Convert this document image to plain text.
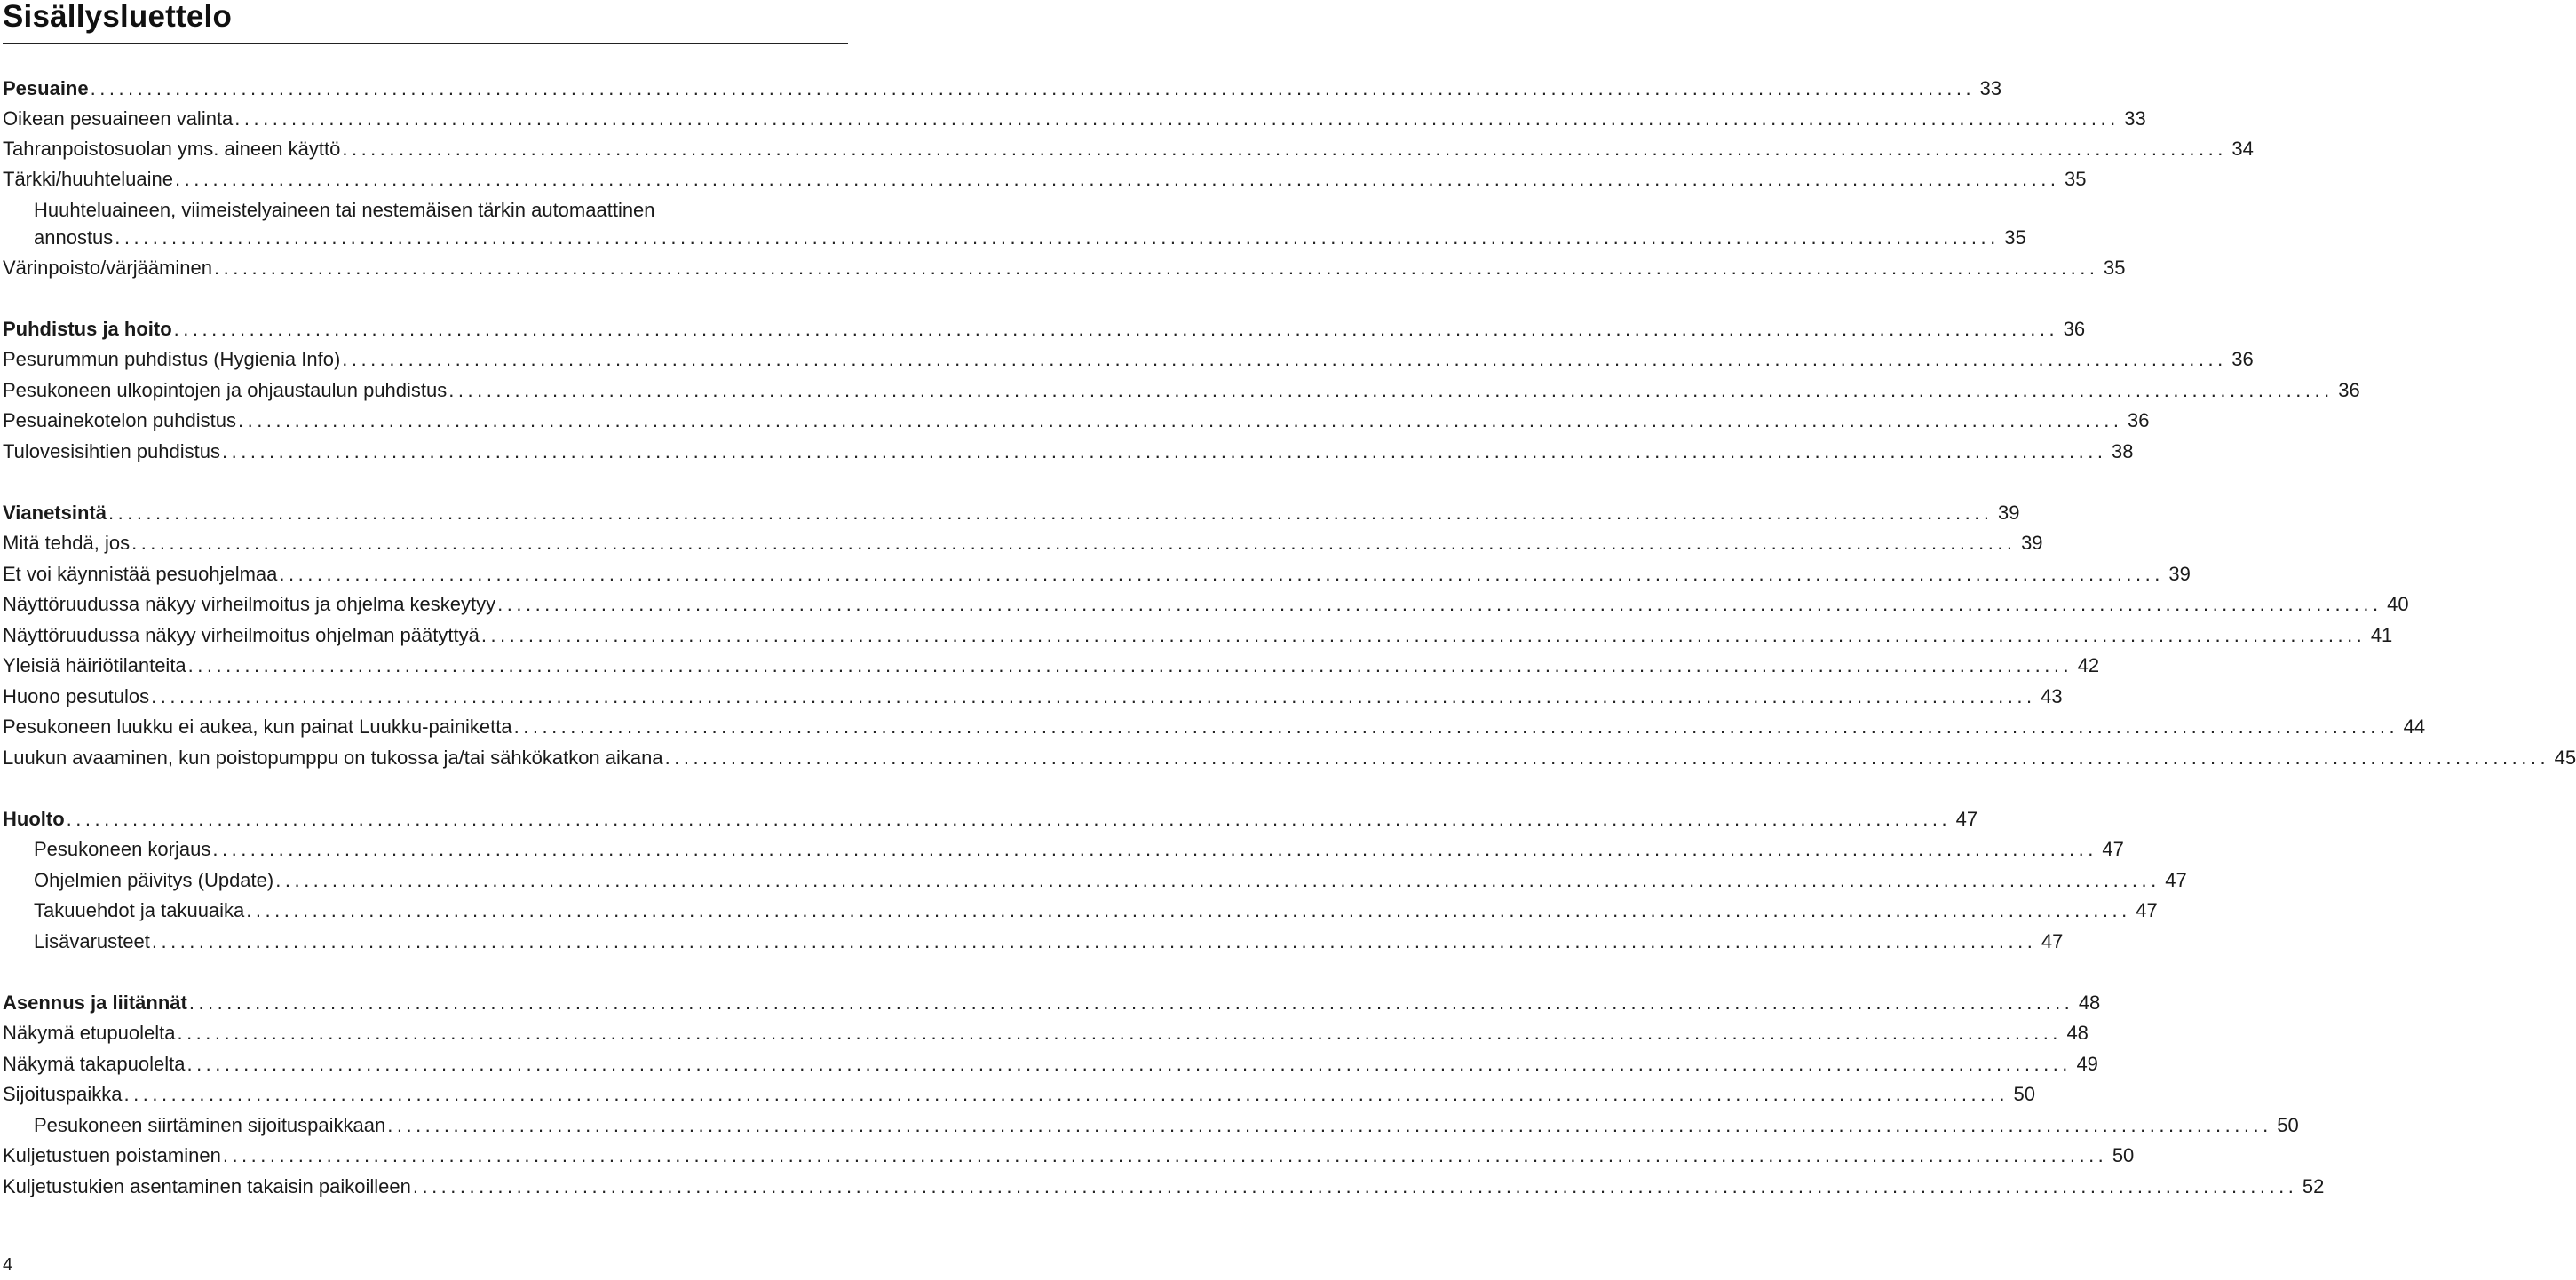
Sisällysluettelo
Pesuaine ........................................................................................................................................................................................................ 33
Oikean pesuaineen valinta ........................................................................................................................................................................................................ 33
Tahranpoistosuolan yms. aineen käyttö ........................................................................................................................................................................................................ 34
Tärkki/huuhteluaine ........................................................................................................................................................................................................ 35
Huuhteluaineen, viimeistelyaineen tai nestemäisen tärkin automaattinen
annostus ........................................................................................................................................................................................................ 35
Värinpoisto/värjääminen ........................................................................................................................................................................................................ 35
Puhdistus ja hoito ........................................................................................................................................................................................................ 36
Pesurummun puhdistus (Hygienia Info) ........................................................................................................................................................................................................ 36
Pesukoneen ulkopintojen ja ohjaustaulun puhdistus ........................................................................................................................................................................................................ 36
Pesuainekotelon puhdistus ........................................................................................................................................................................................................ 36
Tulovesisihtien puhdistus ........................................................................................................................................................................................................ 38
Vianetsintä ........................................................................................................................................................................................................ 39
Mitä tehdä, jos ........................................................................................................................................................................................................ 39
Et voi käynnistää pesuohjelmaa ........................................................................................................................................................................................................ 39
Näyttöruudussa näkyy virheilmoitus ja ohjelma keskeytyy ........................................................................................................................................................................................................ 40
Näyttöruudussa näkyy virheilmoitus ohjelman päätyttyä ........................................................................................................................................................................................................ 41
Yleisiä häiriötilanteita ........................................................................................................................................................................................................ 42
Huono pesutulos ........................................................................................................................................................................................................ 43
Pesukoneen luukku ei aukea, kun painat Luukku-painiketta ........................................................................................................................................................................................................ 44
Luukun avaaminen, kun poistopumppu on tukossa ja/tai sähkökatkon aikana ........................................................................................................................................................................................................ 45
Huolto ........................................................................................................................................................................................................ 47
Pesukoneen korjaus ........................................................................................................................................................................................................ 47
Ohjelmien päivitys (Update) ........................................................................................................................................................................................................ 47
Takuuehdot ja takuuaika ........................................................................................................................................................................................................ 47
Lisävarusteet ........................................................................................................................................................................................................ 47
Asennus ja liitännät ........................................................................................................................................................................................................ 48
Näkymä etupuolelta ........................................................................................................................................................................................................ 48
Näkymä takapuolelta ........................................................................................................................................................................................................ 49
Sijoituspaikka ........................................................................................................................................................................................................ 50
Pesukoneen siirtäminen sijoituspaikkaan ........................................................................................................................................................................................................ 50
Kuljetustuen poistaminen ........................................................................................................................................................................................................ 50
Kuljetustukien asentaminen takaisin paikoilleen ........................................................................................................................................................................................................ 52
4
